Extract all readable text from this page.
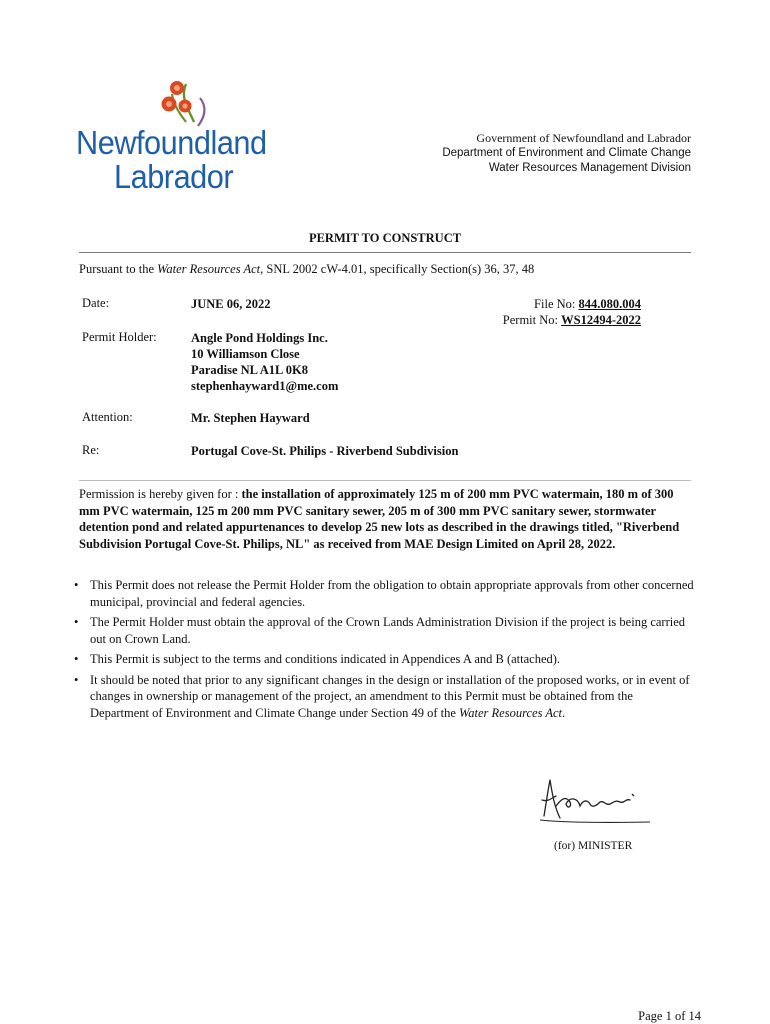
Newfoundland
Labrador
Government of Newfoundland and Labrador
Department of Environment and Climate Change
Water Resources Management Division
PERMIT TO CONSTRUCT
Pursuant to the Water Resources Act, SNL 2002 cW-4.01, specifically Section(s) 36, 37, 48
Date:	JUNE 06, 2022	File No: 844.080.004
Permit No: WS12494-2022
Permit Holder:	Angle Pond Holdings Inc.
10 Williamson Close
Paradise NL A1L 0K8
stephenhayward1@me.com
Attention:	Mr. Stephen Hayward
Re:	Portugal Cove-St. Philips - Riverbend Subdivision
Permission is hereby given for : the installation of approximately 125 m of 200 mm PVC watermain, 180 m of 300 mm PVC watermain, 125 m 200 mm PVC sanitary sewer, 205 m of 300 mm PVC sanitary sewer, stormwater detention pond and related appurtenances to develop 25 new lots as described in the drawings titled, "Riverbend Subdivision Portugal Cove-St. Philips, NL" as received from MAE Design Limited on April 28, 2022.
• This Permit does not release the Permit Holder from the obligation to obtain appropriate approvals from other concerned municipal, provincial and federal agencies.
• The Permit Holder must obtain the approval of the Crown Lands Administration Division if the project is being carried out on Crown Land.
• This Permit is subject to the terms and conditions indicated in Appendices A and B (attached).
• It should be noted that prior to any significant changes in the design or installation of the proposed works, or in event of changes in ownership or management of the project, an amendment to this Permit must be obtained from the Department of Environment and Climate Change under Section 49 of the Water Resources Act.
(for) MINISTER
Page 1 of 14
